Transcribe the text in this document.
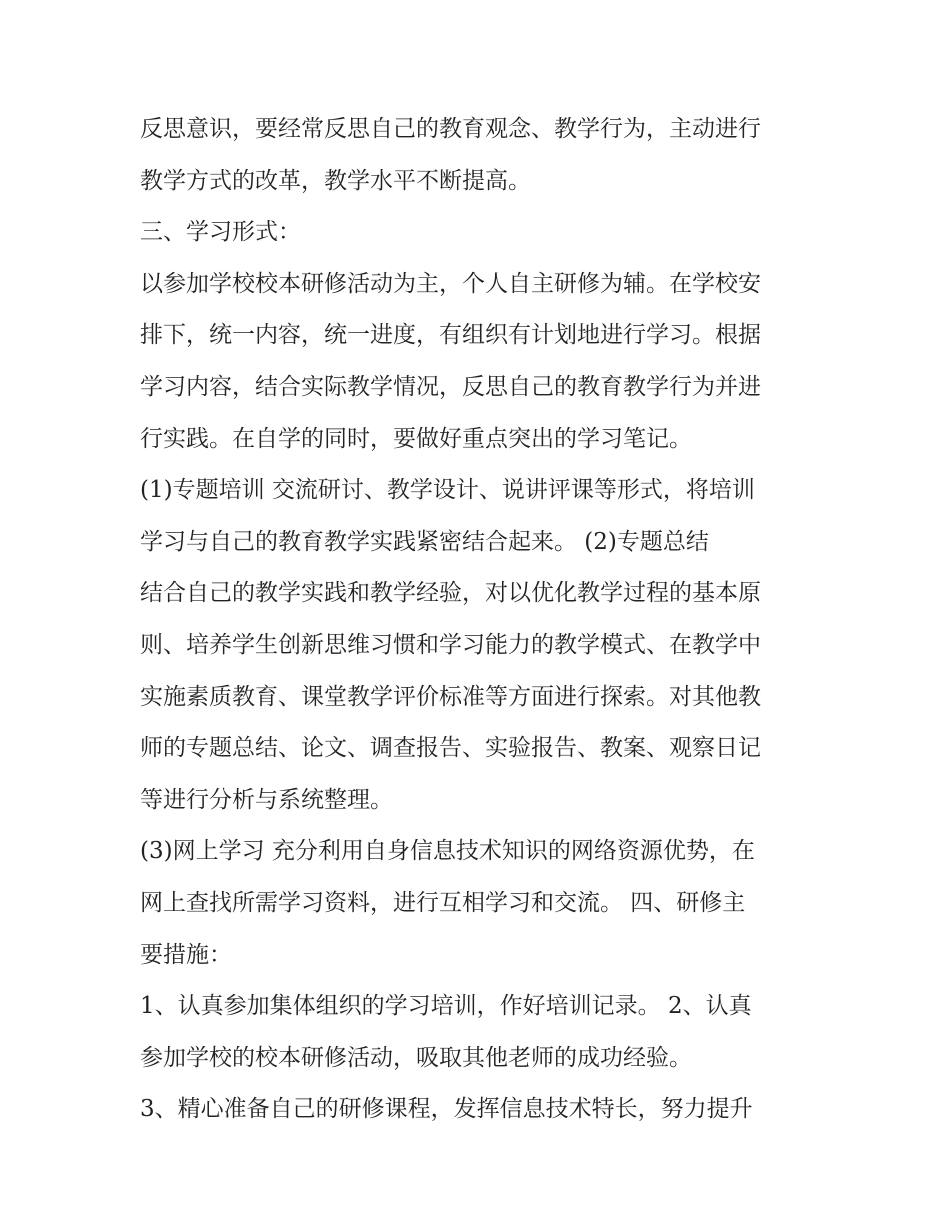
反思意识，要经常反思自己的教育观念、教学行为，主动进行
教学方式的改革，教学水平不断提高。
三、学习形式：
以参加学校校本研修活动为主，个人自主研修为辅。在学校安
排下，统一内容，统一进度，有组织有计划地进行学习。根据
学习内容，结合实际教学情况，反思自己的教育教学行为并进
行实践。在自学的同时，要做好重点突出的学习笔记。
(1)专题培训 交流研讨、教学设计、说讲评课等形式，将培训
学习与自己的教育教学实践紧密结合起来。 (2)专题总结
结合自己的教学实践和教学经验，对以优化教学过程的基本原
则、培养学生创新思维习惯和学习能力的教学模式、在教学中
实施素质教育、课堂教学评价标准等方面进行探索。对其他教
师的专题总结、论文、调查报告、实验报告、教案、观察日记
等进行分析与系统整理。
(3)网上学习 充分利用自身信息技术知识的网络资源优势，在
网上查找所需学习资料，进行互相学习和交流。 四、研修主
要措施：
1、认真参加集体组织的学习培训，作好培训记录。 2、认真
参加学校的校本研修活动，吸取其他老师的成功经验。
3、精心准备自己的研修课程，发挥信息技术特长，努力提升
